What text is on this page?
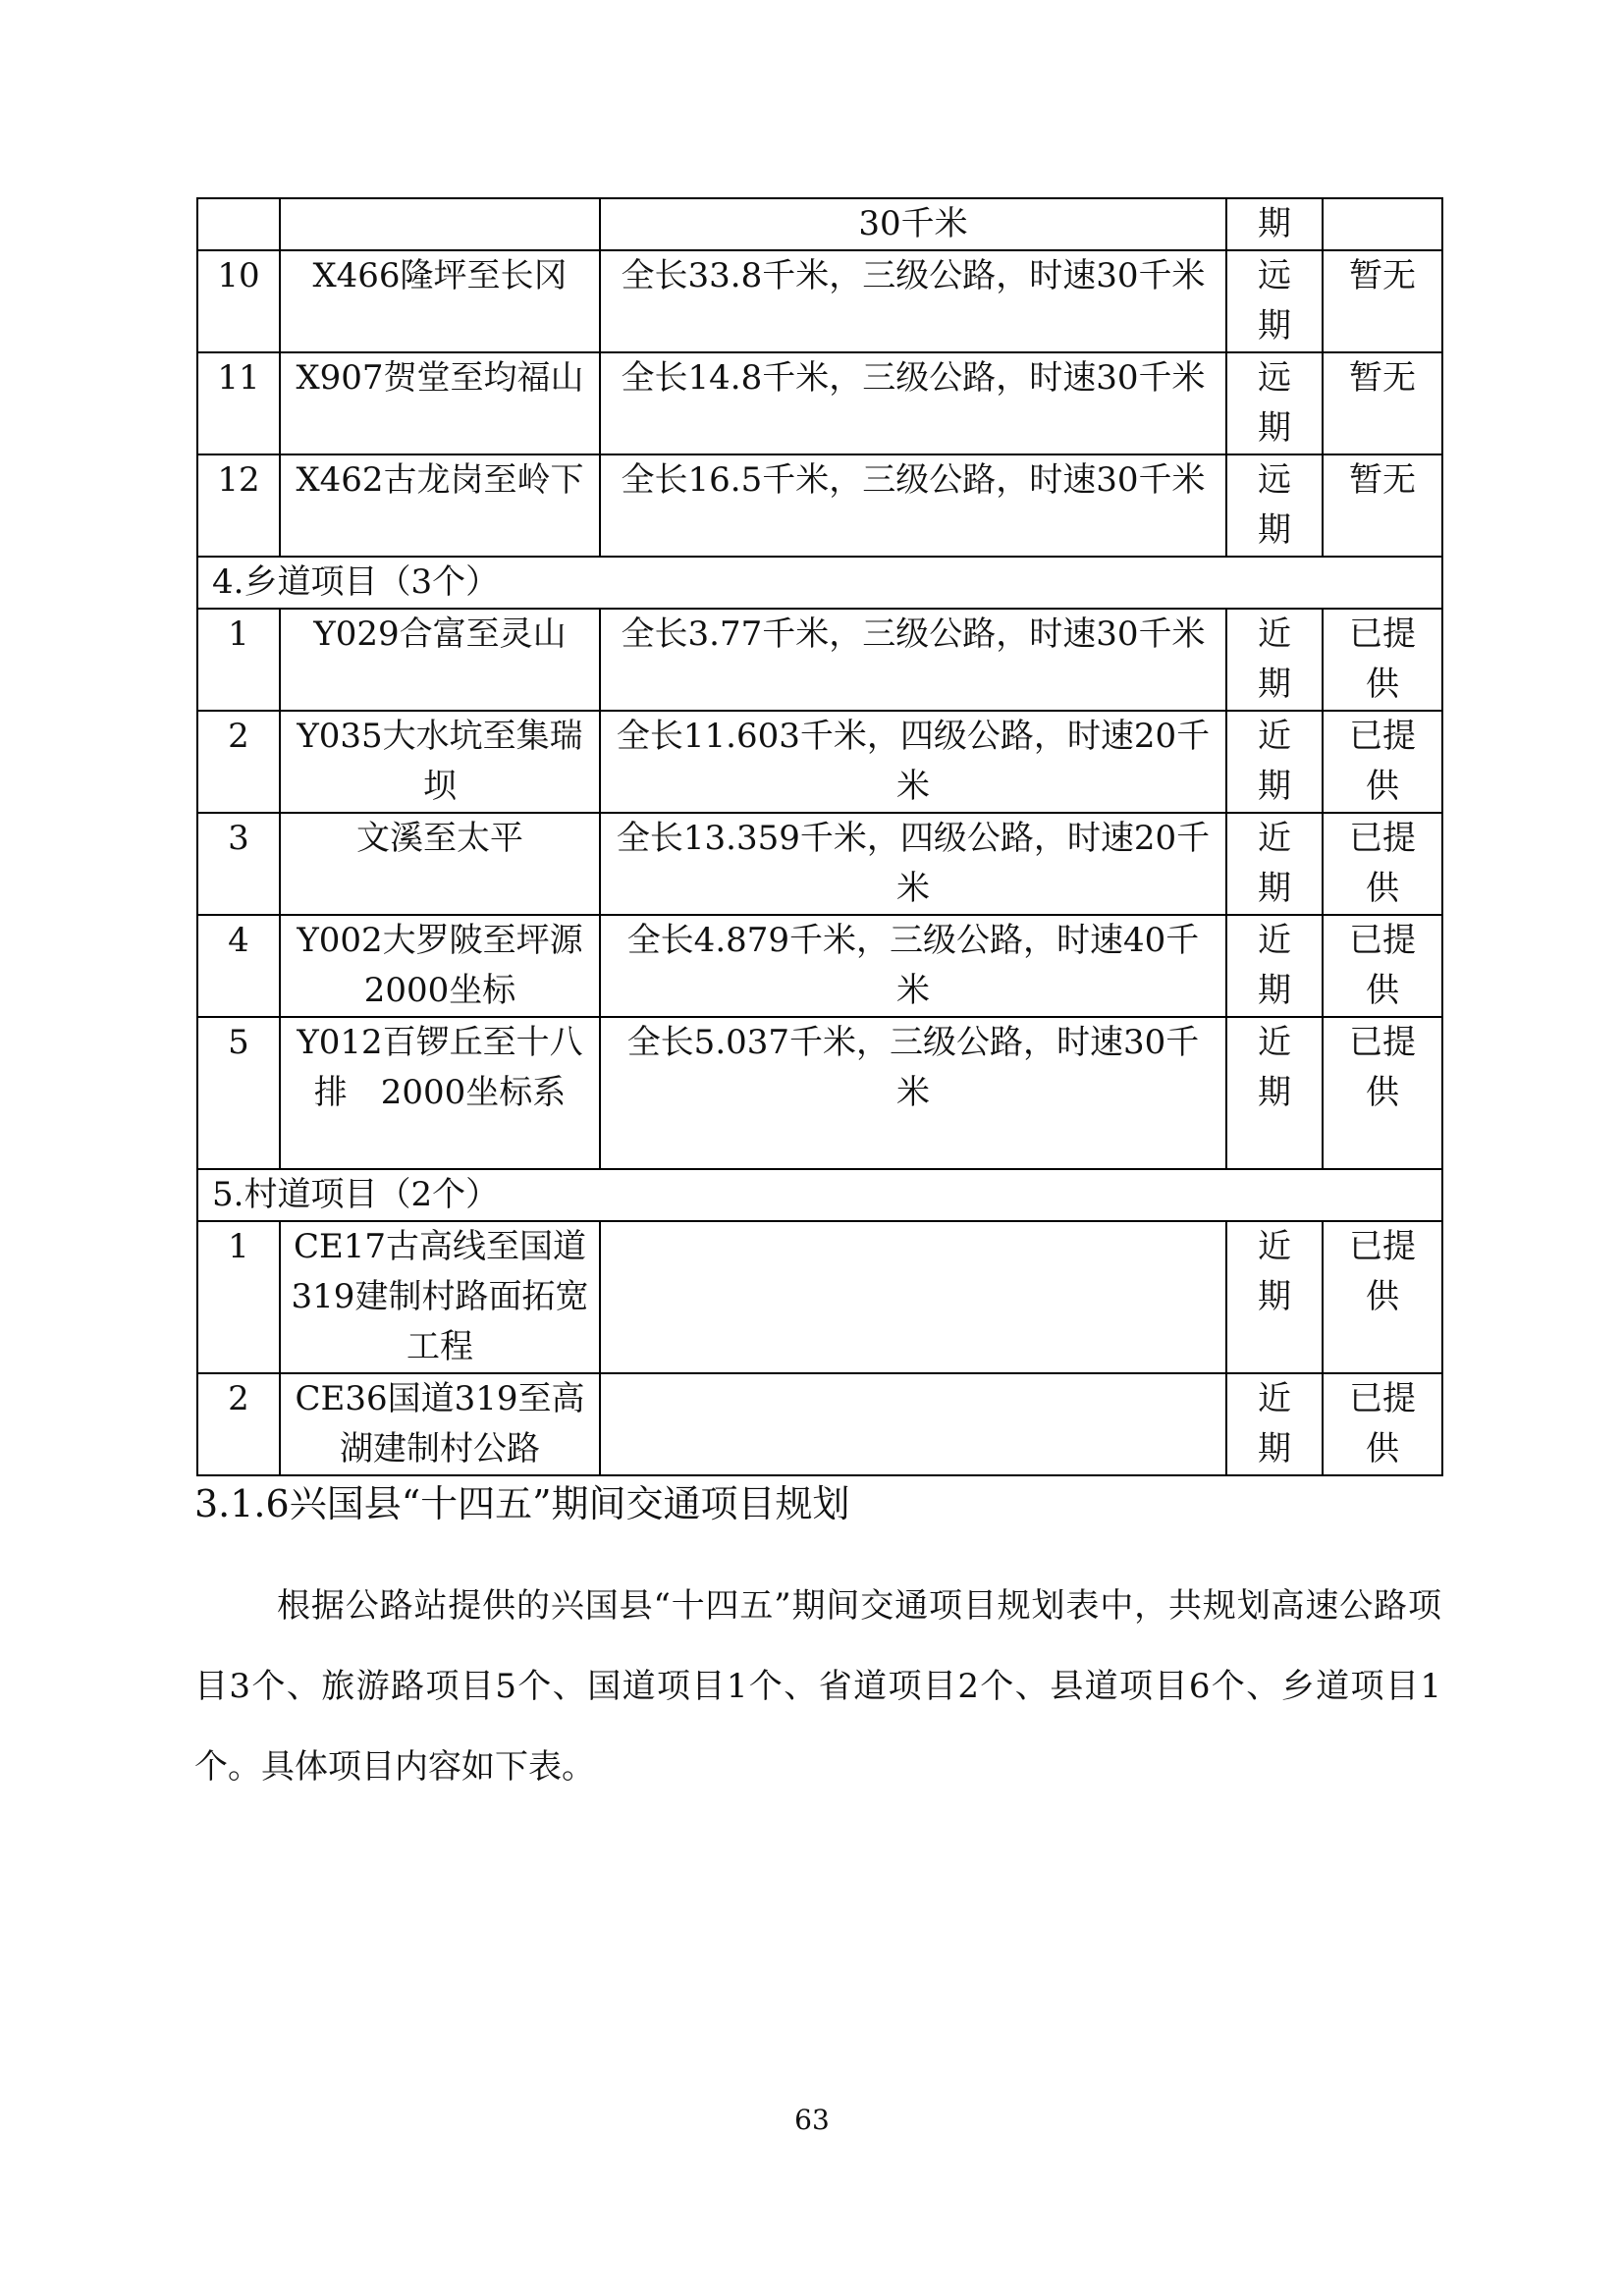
		30千米	期	
10	X466隆坪至长冈	全长33.8千米，三级公路，时速30千米	远期	暂无
11	X907贺堂至均福山	全长14.8千米，三级公路，时速30千米	远期	暂无
12	X462古龙岗至岭下	全长16.5千米，三级公路，时速30千米	远期	暂无
4.乡道项目（3个）				
1	Y029合富至灵山	全长3.77千米，三级公路，时速30千米	近期	已提供
2	Y035大水坑至集瑞坝	全长11.603千米，四级公路，时速20千米	近期	已提供
3	文溪至太平	全长13.359千米，四级公路，时速20千米	近期	已提供
4	Y002大罗陂至坪源　2000坐标	全长4.879千米，三级公路，时速40千米	近期	已提供
5	Y012百锣丘至十八排　2000坐标系	全长5.037千米，三级公路，时速30千米	近期	已提供
5.村道项目（2个）				
1	CE17古高线至国道319建制村路面拓宽工程		近期	已提供
2	CE36国道319至高湖建制村公路		近期	已提供
3.1.6兴国县“十四五”期间交通项目规划

根据公路站提供的兴国县“十四五”期间交通项目规划表中，共规划高速公路项目3个、旅游路项目5个、国道项目1个、省道项目2个、县道项目6个、乡道项目1个。具体项目内容如下表。

63
